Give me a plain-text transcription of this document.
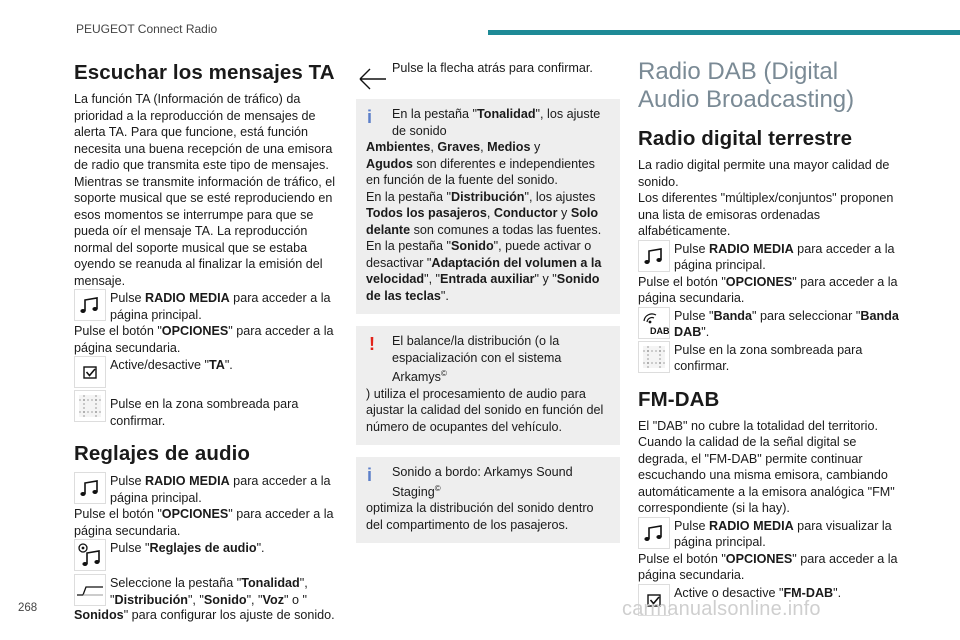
PEUGEOT Connect Radio
Escuchar los mensajes TA

La función TA (Información de tráfico) da prioridad a la reproducción de mensajes de alerta TA. Para que funcione, está función necesita una buena recepción de una emisora de radio que transmita este tipo de mensajes. Mientras se transmite información de tráfico, el soporte musical que se esté reproduciendo en esos momentos se interrumpe para que se pueda oír el mensaje TA. La reproducción normal del soporte musical que se estaba oyendo se reanuda al finalizar la emisión del mensaje.

Pulse RADIO MEDIA para acceder a la página principal.

Pulse el botón "OPCIONES" para acceder a la página secundaria.

Active/desactive "TA".
Pulse en la zona sombreada para confirmar.
Reglajes de audio
Pulse RADIO MEDIA para acceder a la página principal.

Pulse el botón "OPCIONES" para acceder a la página secundaria.

Pulse "Reglajes de audio".
Seleccione la pestaña "Tonalidad", "Distribución", "Sonido", "Voz" o "

Sonidos" para configurar los ajuste de sonido.

Pulse la flecha atrás para confirmar.
i	En la pestaña "Tonalidad", los ajuste de sonido
Ambientes, Graves, Medios y
Agudos son diferentes e independientes en función de la fuente del sonido.
En la pestaña "Distribución", los ajustes
Todos los pasajeros, Conductor y Solo delante son comunes a todas las fuentes.
En la pestaña "Sonido", puede activar o desactivar "Adaptación del volumen a la velocidad", "Entrada auxiliar" y "Sonido de las teclas".
!	El balance/la distribución (o la espacialización con el sistema Arkamys©
) utiliza el procesamiento de audio para ajustar la calidad del sonido en función del número de ocupantes del vehículo.
i	Sonido a bordo: Arkamys Sound Staging©
optimiza la distribución del sonido dentro del compartimento de los pasajeros.
Radio DAB (Digital Audio Broadcasting)
Radio digital terrestre

La radio digital permite una mayor calidad de sonido.

Los diferentes "múltiplex/conjuntos" proponen una lista de emisoras ordenadas alfabéticamente.

Pulse RADIO MEDIA para acceder a la página principal.

Pulse el botón "OPCIONES" para acceder a la página secundaria.

DAB
Pulse "Banda" para seleccionar "Banda DAB".
Pulse en la zona sombreada para confirmar.
FM-DAB

El "DAB" no cubre la totalidad del territorio. Cuando la calidad de la señal digital se degrada, el "FM-DAB" permite continuar escuchando una misma emisora, cambiando automáticamente a la emisora analógica "FM" correspondiente (si la hay).

Pulse RADIO MEDIA para visualizar la página principal.

Pulse el botón "OPCIONES" para acceder a la página secundaria.

Active o desactive "FM-DAB".
268	carmanualsonline.info
